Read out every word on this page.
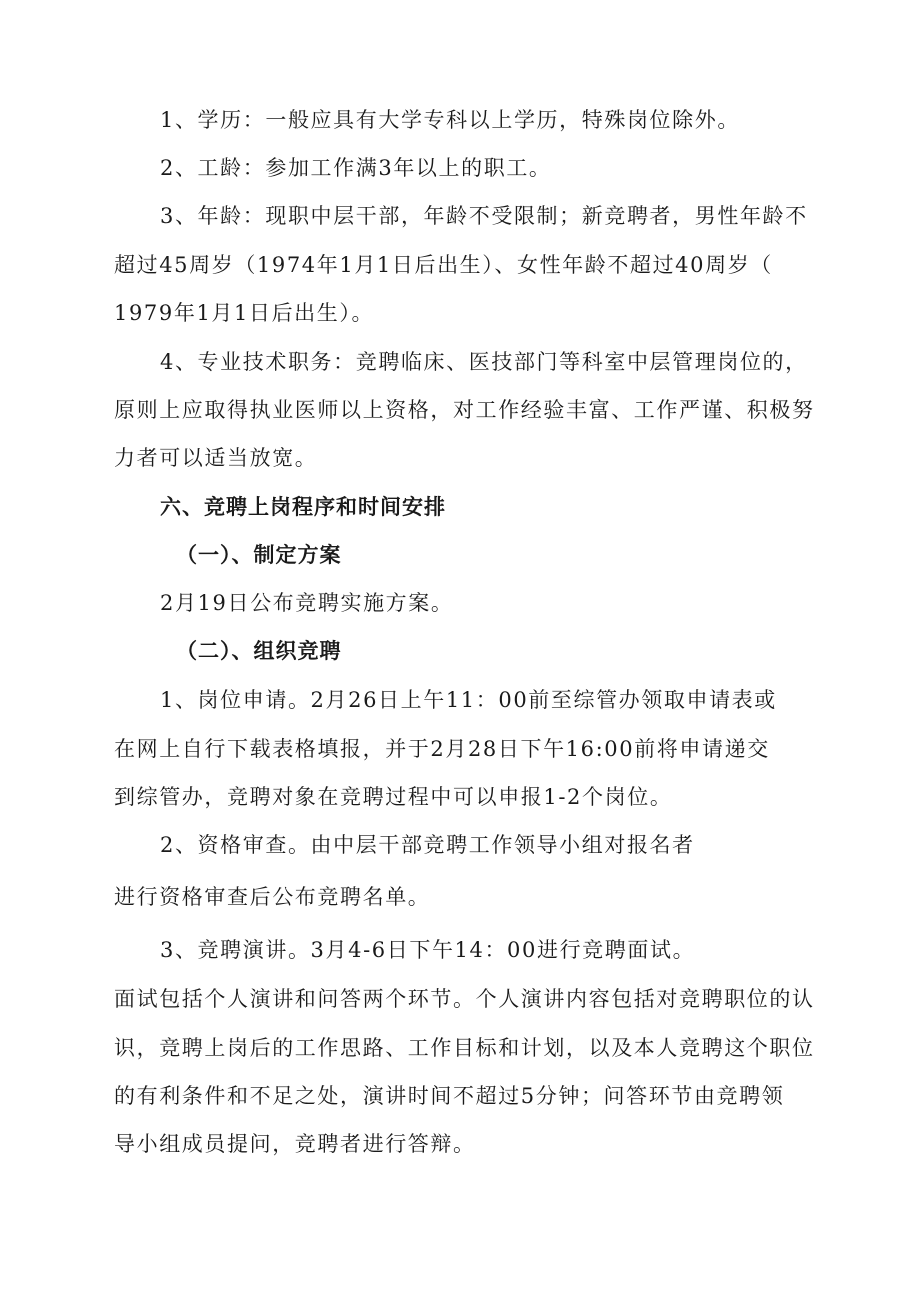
1、学历：一般应具有大学专科以上学历，特殊岗位除外。
2、工龄：参加工作满3年以上的职工。
3、年龄：现职中层干部，年龄不受限制；新竞聘者，男性年龄不
超过45周岁（1974年1月1日后出生）、女性年龄不超过40周岁（
1979年1月1日后出生）。
4、专业技术职务：竞聘临床、医技部门等科室中层管理岗位的，
原则上应取得执业医师以上资格，对工作经验丰富、工作严谨、积极努
力者可以适当放宽。
六、竞聘上岗程序和时间安排
（一）、制定方案
2月19日公布竞聘实施方案。
（二）、组织竞聘
1、岗位申请。2月26日上午11：00前至综管办领取申请表或
在网上自行下载表格填报，并于2月28日下午16:00前将申请递交
到综管办，竞聘对象在竞聘过程中可以申报1-2个岗位。
2、资格审查。由中层干部竞聘工作领导小组对报名者
进行资格审查后公布竞聘名单。
3、竞聘演讲。3月4-6日下午14：00进行竞聘面试。
面试包括个人演讲和问答两个环节。个人演讲内容包括对竞聘职位的认
识，竞聘上岗后的工作思路、工作目标和计划，以及本人竞聘这个职位
的有利条件和不足之处，演讲时间不超过5分钟；问答环节由竞聘领
导小组成员提问，竞聘者进行答辩。
